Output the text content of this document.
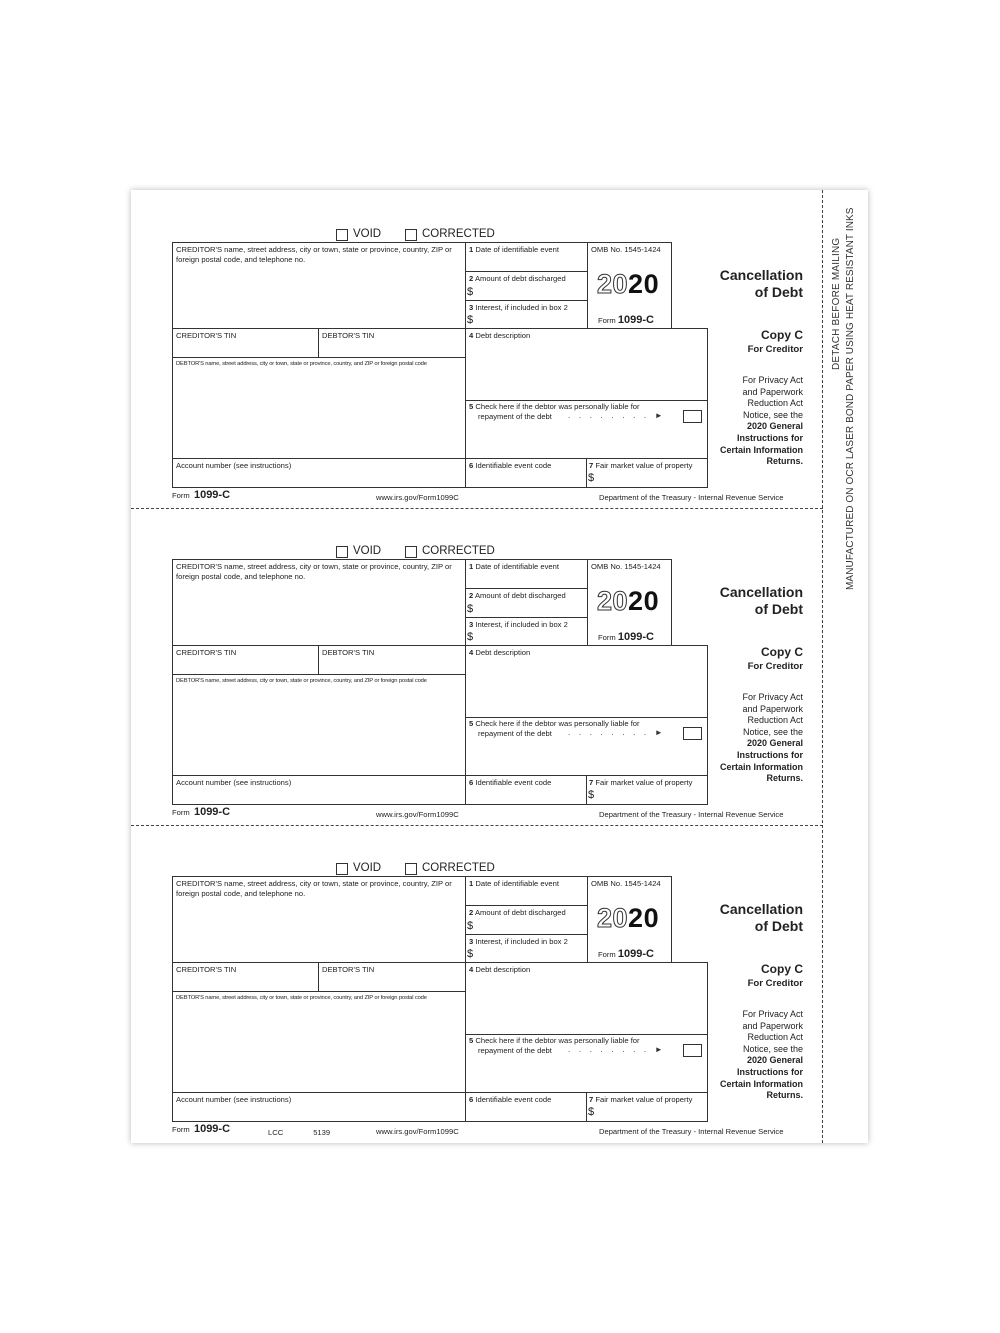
DETACH BEFORE MAILING MANUFACTURED ON OCR LASER BOND PAPER USING HEAT RESISTANT INKS
VOID	CORRECTED
CREDITOR'S name, street address, city or town, state or province, country, ZIP or foreign postal code, and telephone no.
1 Date of identifiable event
2 Amount of debt discharged
$
3 Interest, if included in box 2
$
OMB No. 1545-1424
2020
Form 1099-C
Cancellation
of Debt
CREDITOR'S TIN	DEBTOR'S TIN
DEBTOR'S name, street address, city or town, state or province, country, and ZIP or foreign postal code
4 Debt description
5 Check here if the debtor was personally liable for
repayment of the debt . . . . . . . . ►
Copy C
For Creditor
For Privacy Act
and Paperwork
Reduction Act
Notice, see the
2020 General
Instructions for
Certain Information
Returns.
Account number (see instructions)	6 Identifiable event code	7 Fair market value of property
$
Form 1099-C	www.irs.gov/Form1099C	Department of the Treasury - Internal Revenue Service
VOID	CORRECTED
CREDITOR'S name, street address, city or town, state or province, country, ZIP or foreign postal code, and telephone no.
1 Date of identifiable event
2 Amount of debt discharged
$
3 Interest, if included in box 2
$
OMB No. 1545-1424
2020
Form 1099-C
Cancellation
of Debt
CREDITOR'S TIN	DEBTOR'S TIN
DEBTOR'S name, street address, city or town, state or province, country, and ZIP or foreign postal code
4 Debt description
5 Check here if the debtor was personally liable for
repayment of the debt . . . . . . . . ►
Copy C
For Creditor
For Privacy Act
and Paperwork
Reduction Act
Notice, see the
2020 General
Instructions for
Certain Information
Returns.
Account number (see instructions)	6 Identifiable event code	7 Fair market value of property
$
Form 1099-C	www.irs.gov/Form1099C	Department of the Treasury - Internal Revenue Service
VOID	CORRECTED
CREDITOR'S name, street address, city or town, state or province, country, ZIP or foreign postal code, and telephone no.
1 Date of identifiable event
2 Amount of debt discharged
$
3 Interest, if included in box 2
$
OMB No. 1545-1424
2020
Form 1099-C
Cancellation
of Debt
CREDITOR'S TIN	DEBTOR'S TIN
DEBTOR'S name, street address, city or town, state or province, country, and ZIP or foreign postal code
4 Debt description
5 Check here if the debtor was personally liable for
repayment of the debt . . . . . . . . ►
Copy C
For Creditor
For Privacy Act
and Paperwork
Reduction Act
Notice, see the
2020 General
Instructions for
Certain Information
Returns.
Account number (see instructions)	6 Identifiable event code	7 Fair market value of property
$
Form 1099-C	LCC	5139	www.irs.gov/Form1099C	Department of the Treasury - Internal Revenue Service
